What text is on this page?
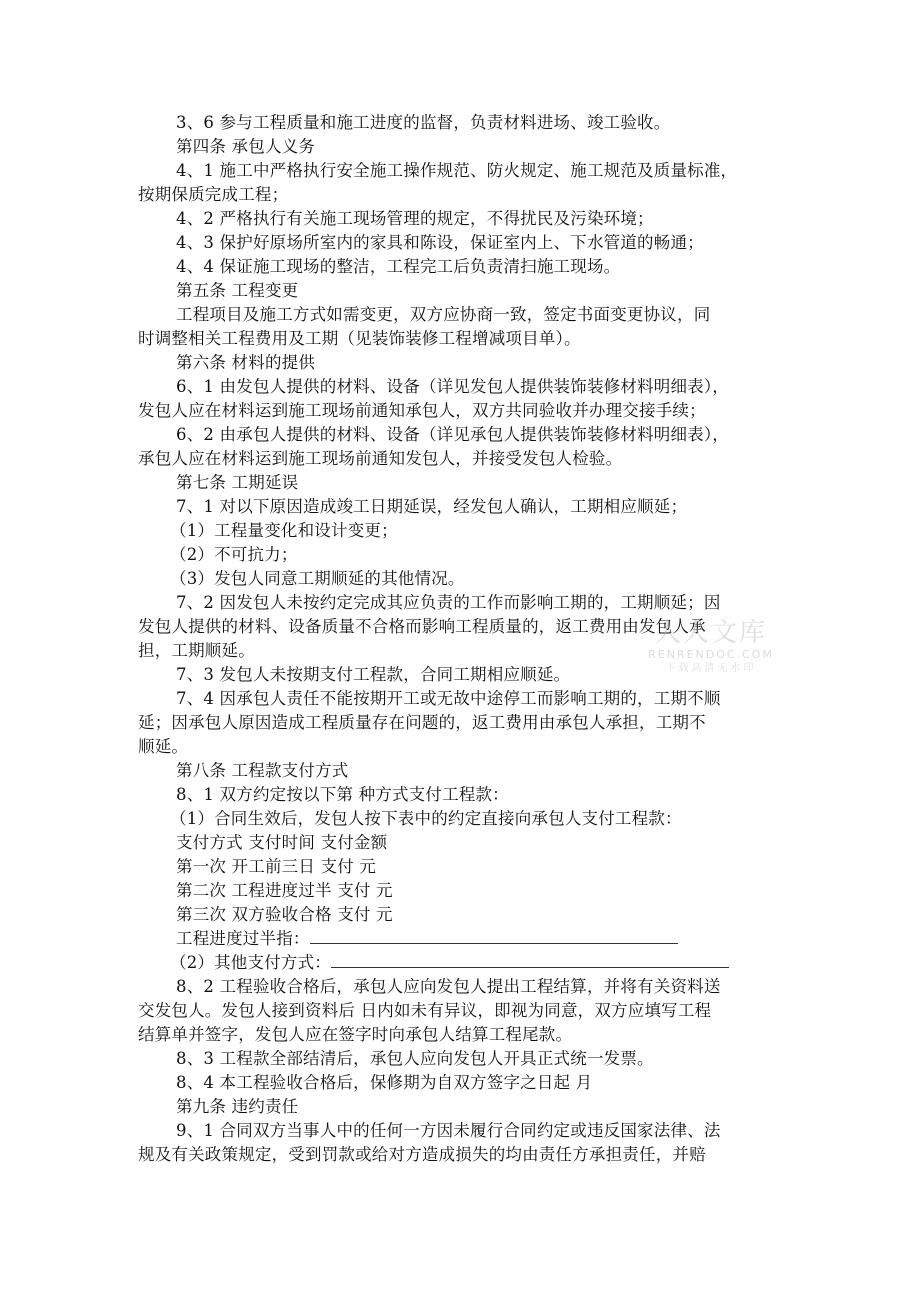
3、6 参与工程质量和施工进度的监督，负责材料进场、竣工验收。
第四条 承包人义务
4、1 施工中严格执行安全施工操作规范、防火规定、施工规范及质量标准，
按期保质完成工程；
4、2 严格执行有关施工现场管理的规定，不得扰民及污染环境；
4、3 保护好原场所室内的家具和陈设，保证室内上、下水管道的畅通；
4、4 保证施工现场的整洁，工程完工后负责清扫施工现场。
第五条 工程变更
工程项目及施工方式如需变更，双方应协商一致，签定书面变更协议，同
时调整相关工程费用及工期（见装饰装修工程增减项目单）。
第六条 材料的提供
6、1 由发包人提供的材料、设备（详见发包人提供装饰装修材料明细表），
发包人应在材料运到施工现场前通知承包人，双方共同验收并办理交接手续；
6、2 由承包人提供的材料、设备（详见承包人提供装饰装修材料明细表），
承包人应在材料运到施工现场前通知发包人，并接受发包人检验。
第七条 工期延误
7、1 对以下原因造成竣工日期延误，经发包人确认，工期相应顺延；
（1）工程量变化和设计变更；
（2）不可抗力；
（3）发包人同意工期顺延的其他情况。
7、2 因发包人未按约定完成其应负责的工作而影响工期的，工期顺延；因
发包人提供的材料、设备质量不合格而影响工程质量的，返工费用由发包人承
担，工期顺延。
7、3 发包人未按期支付工程款，合同工期相应顺延。
7、4 因承包人责任不能按期开工或无故中途停工而影响工期的，工期不顺
延；因承包人原因造成工程质量存在问题的，返工费用由承包人承担，工期不
顺延。
第八条 工程款支付方式
8、1 双方约定按以下第 种方式支付工程款：
（1）合同生效后，发包人按下表中的约定直接向承包人支付工程款：
支付方式 支付时间 支付金额
第一次 开工前三日 支付 元
第二次 工程进度过半 支付 元
第三次 双方验收合格 支付 元
工程进度过半指：
（2）其他支付方式：
8、2 工程验收合格后，承包人应向发包人提出工程结算，并将有关资料送
交发包人。发包人接到资料后 日内如未有异议，即视为同意，双方应填写工程
结算单并签字，发包人应在签字时向承包人结算工程尾款。
8、3 工程款全部结清后，承包人应向发包人开具正式统一发票。
8、4 本工程验收合格后，保修期为自双方签字之日起 月
第九条 违约责任
9、1 合同双方当事人中的任何一方因未履行合同约定或违反国家法律、法
规及有关政策规定，受到罚款或给对方造成损失的均由责任方承担责任，并赔
人人文库
RENRENDOC.COM
下载高清无水印
